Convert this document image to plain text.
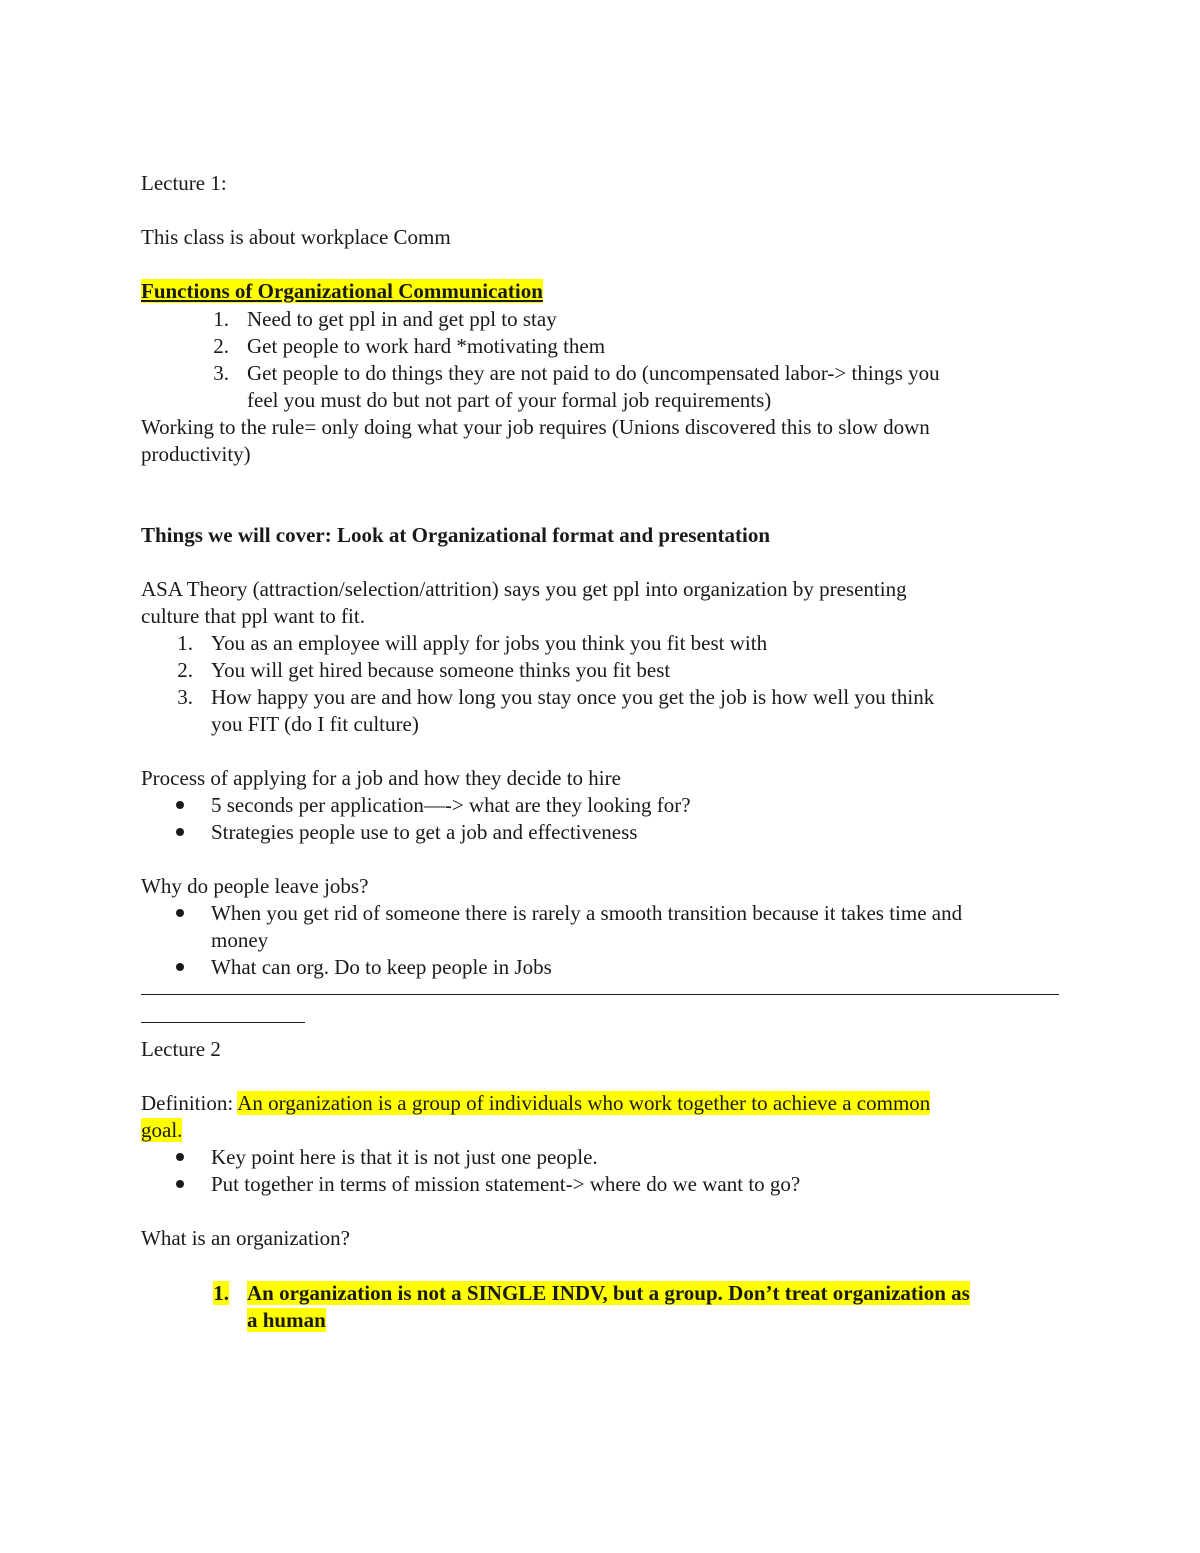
Lecture 1:
This class is about workplace Comm
Functions of Organizational Communication
1. Need to get ppl in and get ppl to stay
2. Get people to work hard *motivating them
3. Get people to do things they are not paid to do (uncompensated labor-> things you
feel you must do but not part of your formal job requirements)
Working to the rule= only doing what your job requires (Unions discovered this to slow down
productivity)
Things we will cover: Look at Organizational format and presentation
ASA Theory (attraction/selection/attrition) says you get ppl into organization by presenting
culture that ppl want to fit.
1. You as an employee will apply for jobs you think you fit best with
2. You will get hired because someone thinks you fit best
3. How happy you are and how long you stay once you get the job is how well you think
you FIT (do I fit culture)
Process of applying for a job and how they decide to hire
5 seconds per application—-> what are they looking for?
Strategies people use to get a job and effectiveness
Why do people leave jobs?
When you get rid of someone there is rarely a smooth transition because it takes time and
money
What can org. Do to keep people in Jobs
Lecture 2
Definition: An organization is a group of individuals who work together to achieve a common
goal.
Key point here is that it is not just one people.
Put together in terms of mission statement-> where do we want to go?
What is an organization?
1. An organization is not a SINGLE INDV, but a group. Don’t treat organization as
a human
